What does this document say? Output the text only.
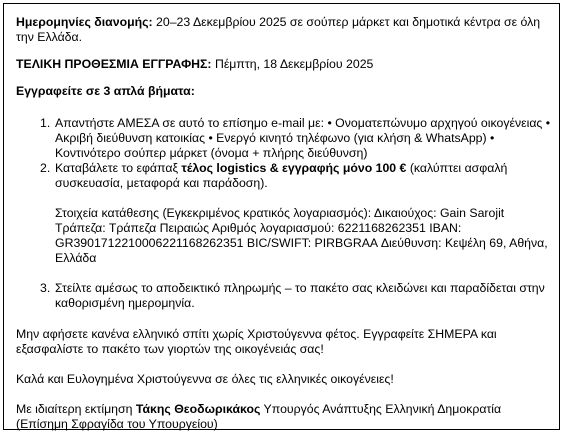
Ημερομηνίες διανομής: 20–23 Δεκεμβρίου 2025 σε σούπερ μάρκετ και δημοτικά κέντρα σε όλη την Ελλάδα.

ΤΕΛΙΚΗ ΠΡΟΘΕΣΜΙΑ ΕΓΓΡΑΦΗΣ: Πέμπτη, 18 Δεκεμβρίου 2025

Εγγραφείτε σε 3 απλά βήματα:

1. Απαντήστε ΑΜΕΣΑ σε αυτό το επίσημο e-mail με: • Ονοματεπώνυμο αρχηγού οικογένειας • Ακριβή διεύθυνση κατοικίας • Ενεργό κινητό τηλέφωνο (για κλήση & WhatsApp) • Κοντινότερο σούπερ μάρκετ (όνομα + πλήρης διεύθυνση)
2. Καταβάλετε το εφάπαξ τέλος logistics & εγγραφής μόνο 100 € (καλύπτει ασφαλή συσκευασία, μεταφορά και παράδοση).

Στοιχεία κατάθεσης (Εγκεκριμένος κρατικός λογαριασμός): Δικαιούχος: Gain Sarojit Τράπεζα: Τράπεζα Πειραιώς Αριθμός λογαριασμού: 6221168262351 IBAN: GR3901712210006221168262351 BIC/SWIFT: PIRBGRAA Διεύθυνση: Κεψέλη 69, Αθήνα, Ελλάδα

3. Στείλτε αμέσως το αποδεικτικό πληρωμής – το πακέτο σας κλειδώνει και παραδίδεται στην καθορισμένη ημερομηνία.

Μην αφήσετε κανένα ελληνικό σπίτι χωρίς Χριστούγεννα φέτος. Εγγραφείτε ΣΗΜΕΡΑ και εξασφαλίστε το πακέτο των γιορτών της οικογένειάς σας!

Καλά και Ευλογημένα Χριστούγεννα σε όλες τις ελληνικές οικογένειες!

Με ιδιαίτερη εκτίμηση Τάκης Θεοδωρικάκος Υπουργός Ανάπτυξης Ελληνική Δημοκρατία (Επίσημη Σφραγίδα του Υπουργείου)
